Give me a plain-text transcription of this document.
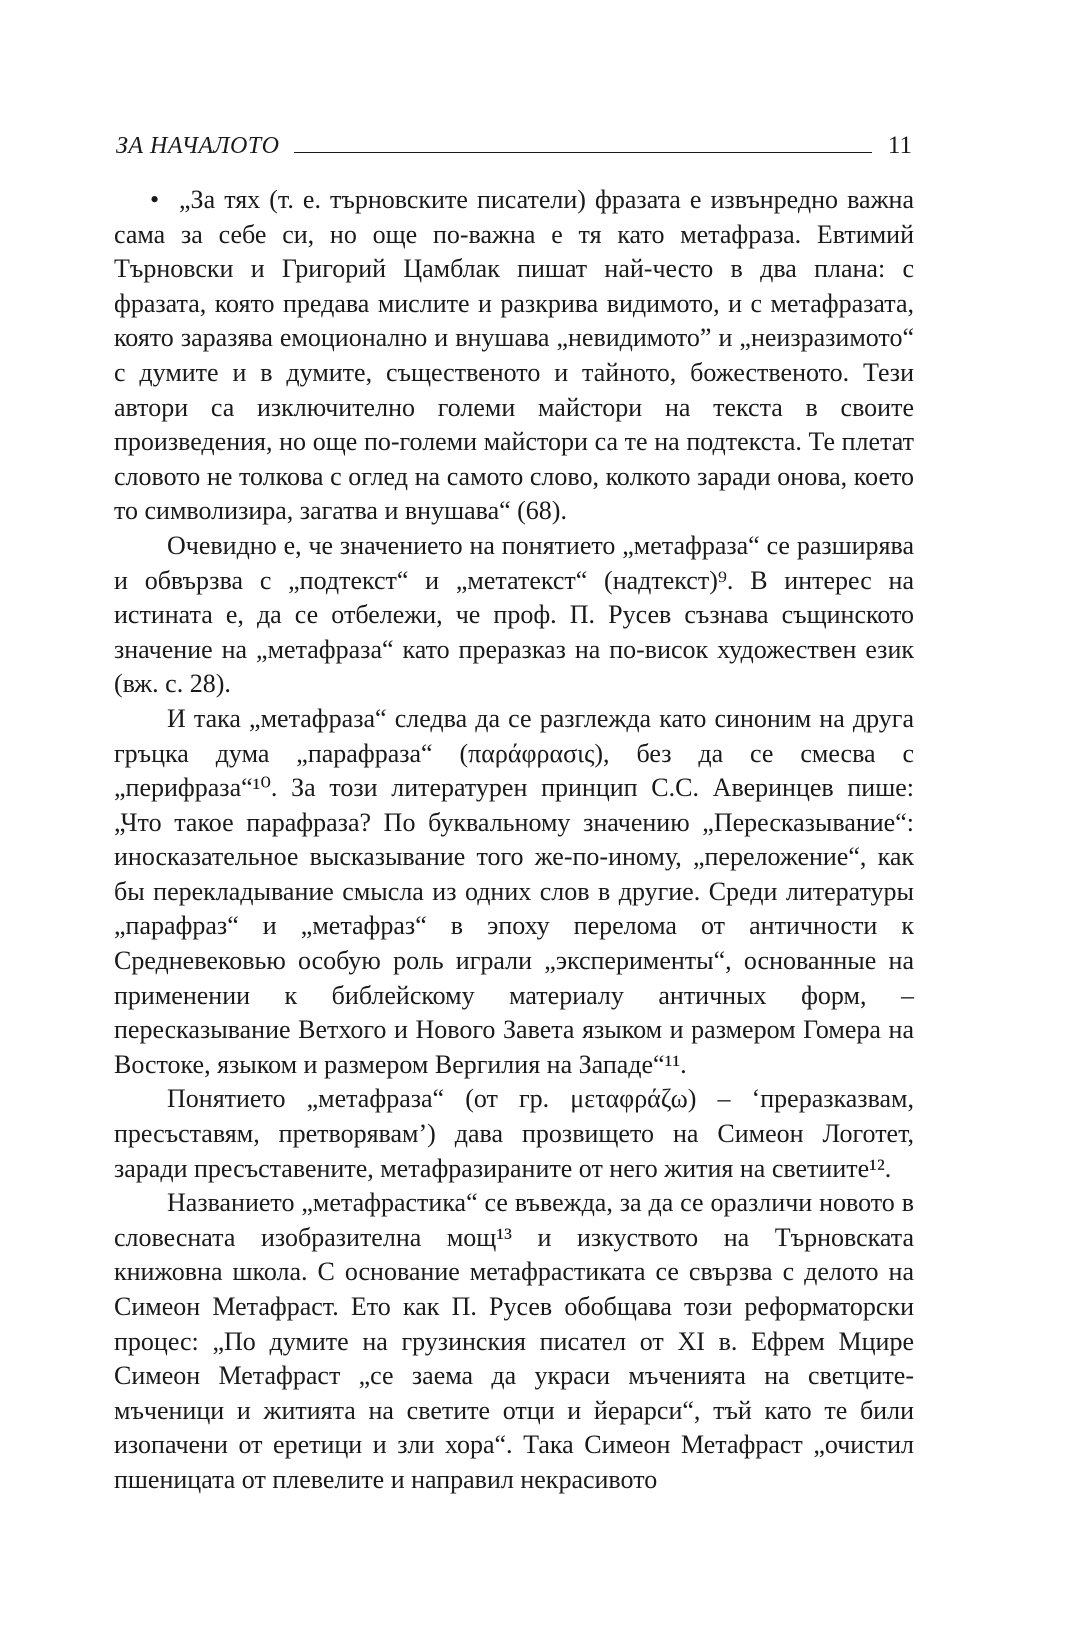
ЗА НАЧАЛОТО	11

• „За тях (т. е. търновските писатели) фразата е извънредно важна сама за себе си, но още по-важна е тя като метафраза. Евтимий Търновски и Григорий Цамблак пишат най-често в два плана: с фразата, която предава мислите и разкрива видимото, и с метафразата, която заразява емоционално и внушава „невидимото” и „неизразимото“ с думите и в думите, същественото и тайното, божественото. Тези автори са изключително големи майстори на текста в своите произведения, но още по-големи майстори са те на подтекста. Те плетат словото не толкова с оглед на самото слово, колкото заради онова, което то символизира, загатва и внушава“ (68).

Очевидно е, че значението на понятието „метафраза“ се разширява и обвързва с „подтекст“ и „метатекст“ (надтекст)⁹. В интерес на истината е, да се отбележи, че проф. П. Русев съзнава същинското значение на „метафраза“ като преразказ на по-висок художествен език (вж. с. 28).

И така „метафраза“ следва да се разглежда като синоним на друга гръцка дума „парафраза“ (παράφρασις), без да се смесва с „перифраза“¹⁰. За този литературен принцип С.С. Аверинцев пише: „Что такое парафраза? По буквальному значению „Пересказывание“: иносказательное высказывание того же-по-иному, „переложение“, как бы перекладывание смысла из одних слов в другие. Среди литературы „парафраз“ и „метафраз“ в эпоху перелома от античности к Средневековью особую роль играли „эксперименты“, основанные на применении к библейскому материалу античных форм, – пересказывание Ветхого и Нового Завета языком и размером Гомера на Востоке, языком и размером Вергилия на Западе“¹¹.

Понятието „метафраза“ (от гр. μεταφράζω) – ‘преразказвам, пресъставям, претворявам’) дава прозвището на Симеон Логотет, заради пресъставените, метафразираните от него жития на светиите¹².

Названието „метафрастика“ се въвежда, за да се оразличи новото в словесната изобразителна мощ¹³ и изкуството на Търновската книжовна школа. С основание метафрастиката се свързва с делото на Симеон Метафраст. Ето как П. Русев обобщава този реформаторски процес: „По думите на грузинския писател от XI в. Ефрем Мцире Симеон Метафраст „се заема да украси мъченията на светците-мъченици и житията на светите отци и йерарси“, тъй като те били изопачени от еретици и зли хора“. Така Симеон Метафраст „очистил пшеницата от плевелите и направил некрасивото
